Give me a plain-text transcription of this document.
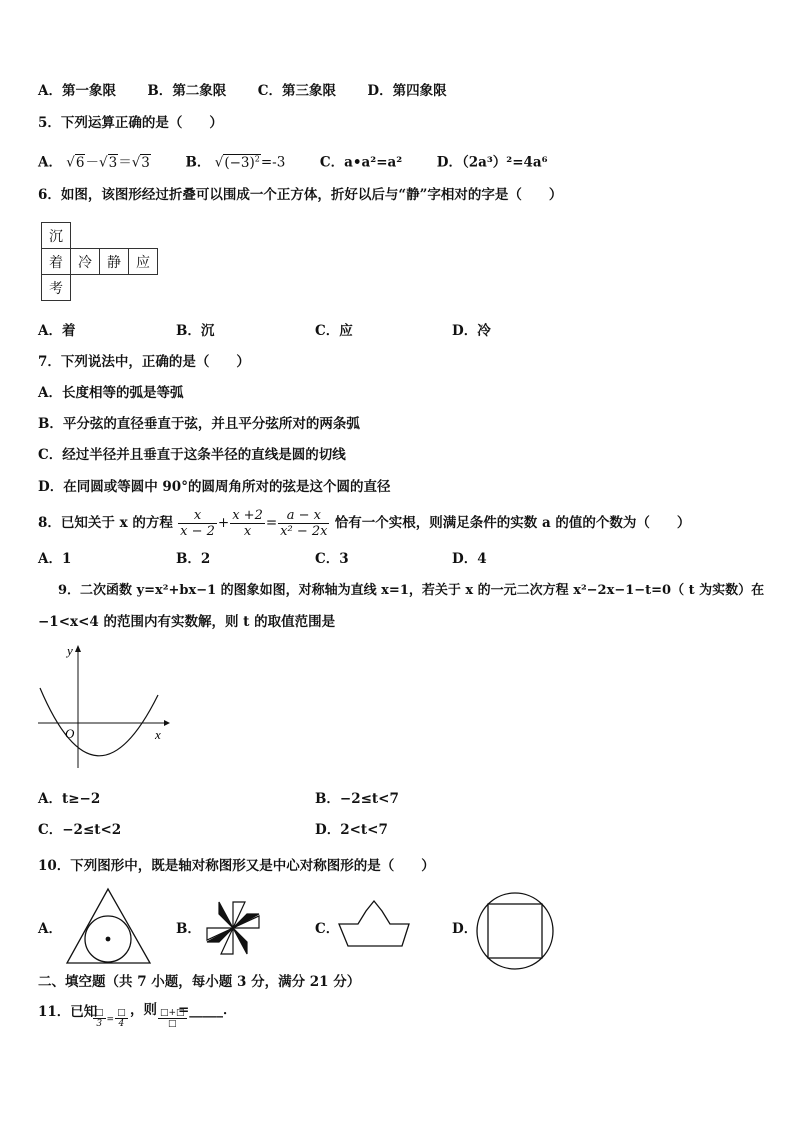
A．第一象限 B．第二象限 C．第三象限 D．第四象限
5．下列运算正确的是（　　）
A． √6－√3＝√3	B． $√(-3)^2=-3$	C．a•a²=a²	D．（2a³）²=4a⁶
6．如图，该图形经过折叠可以围成一个正方体，折好以后与“静”字相对的字是（　　）
沉			
着	冷	静	应
考			
A．着	B．沉	C．应	D．冷
7．下列说法中，正确的是（　　）
A．长度相等的弧是等弧
B．平分弦的直径垂直于弦，并且平分弦所对的两条弧
C．经过半径并且垂直于这条半径的直线是圆的切线
D．在同圆或等圆中 90°的圆周角所对的弦是这个圆的直径
8．已知关于 x 的方程 $\frac{x}{x - 2} + \frac{x +2}{x} = \frac{a - x}{\text{x² − 2x}}$ 恰有一个实根，则满足条件的实数 a 的值的个数为（　　）
A．1	B．2	C．3	D．4
9．二次函数 y=x²+bx−1 的图象如图，对称轴为直线 x=1，若关于 x 的一元二次方程 x²−2x−1−t=0（ t 为实数）在
−1<x<4 的范围内有实数解，则 t 的取值范围是
y
x
O
A．t≥−2	B．−2≤t<7
C．−2≤t<2	D．2<t<7
10．下列图形中，既是轴对称图形又是中心对称图形的是（　　）
A．	B．	C．	D．
二、填空题（共 7 小题，每小题 3 分，满分 21 分）
11．已知
$\frac{□}{3} = \frac{□}{4}$ ，则 $\frac{□+□}{□}$
=_____．
